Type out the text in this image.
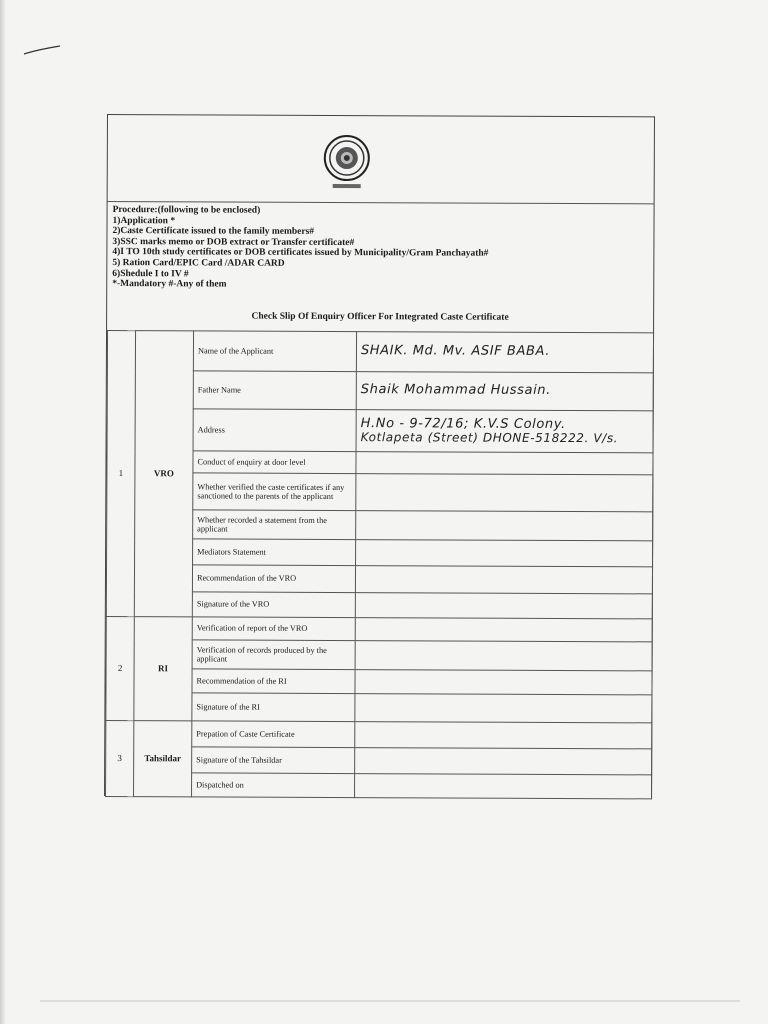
Procedure:(following to be enclosed)
1)Application *
2)Caste Certificate issued to the family members#
3)SSC marks memo or DOB extract or Transfer certificate#
4)I TO 10th study certificates or DOB certificates issued by Municipality/Gram Panchayath#
5) Ration Card/EPIC Card /ADAR CARD
6)Shedule I to IV #
*-Mandatory #-Any of them
Check Slip Of Enquiry Officer For Integrated Caste Certificate
1	VRO	Name of the Applicant	SHAIK. Md. Mv. ASIF BABA.
		Father Name	Shaik Mohammad Hussain.
		Address	H.No - 9-72/16; K.V.S Colony.
Kotlapeta (Street) DHONE-518222. V/s.

		Conduct of enquiry at door level	
		Whether verified the caste certificates if any sanctioned to the parents of the applicant	
		Whether recorded a statement from the applicant	
		Mediators Statement	
		Recommendation of the VRO	
		Signature of the VRO	
2	RI	Verification of report of the VRO	
		Verification of records produced by the applicant	
		Recommendation of the RI	
		Signature of the RI	
3	Tahsildar	Prepation of Caste Certificate	
		Signature of the Tahsildar	
		Dispatched on	
